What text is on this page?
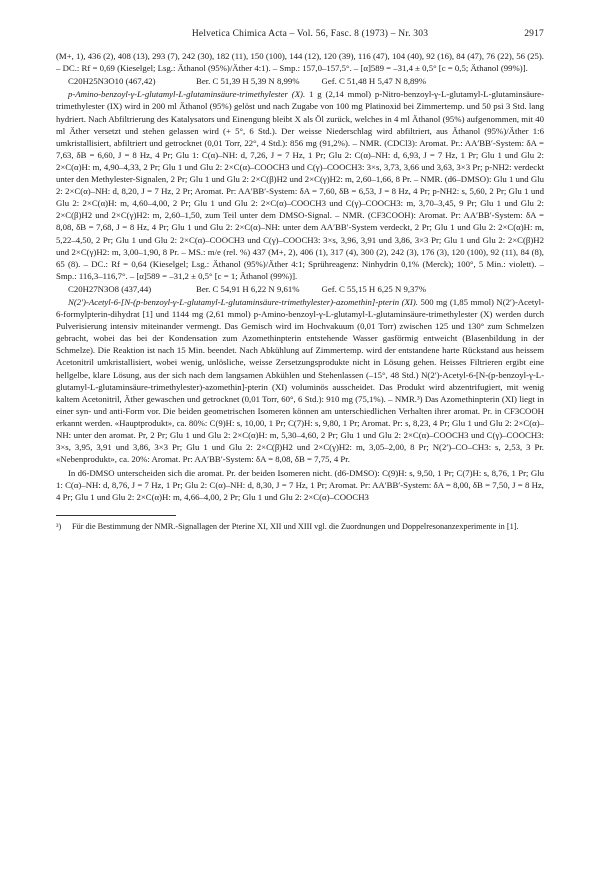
Helvetica Chimica Acta – Vol. 56, Fasc. 8 (1973) – Nr. 303	2917

(M+, 1), 436 (2), 408 (13), 293 (7), 242 (30), 182 (11), 150 (100), 144 (12), 120 (39), 116 (47), 104 (40), 92 (16), 84 (47), 76 (22), 56 (25). – DC.: Rf = 0,69 (Kieselgel; Lsg.: Äthanol (95%)/Äther 4:1). – Smp.: 157,0–157,5°. – [α]589 = –31,4 ± 0,5° [c = 0,5; Äthanol (99%)].

C20H25N3O10 (467,42)	Ber. C 51,39 H 5,39 N 8,99%	Gef. C 51,48 H 5,47 N 8,89%

p-Amino-benzoyl-γ-L-glutamyl-L-glutaminsäure-trimethylester (X). 1 g (2,14 mmol) p-Nitro-benzoyl-γ-L-glutamyl-L-glutaminsäure-trimethylester (IX) wird in 200 ml Äthanol (95%) gelöst und nach Zugabe von 100 mg Platinoxid bei Zimmertemp. und 50 psi 3 Std. lang hydriert. Nach Abfiltrierung des Katalysators und Einengung bleibt X als Öl zurück, welches in 4 ml Äthanol (95%) aufgenommen, mit 40 ml Äther versetzt und stehen gelassen wird (+ 5°, 6 Std.). Der weisse Niederschlag wird abfiltriert, aus Äthanol (95%)/Äther 1:6 umkristallisiert, abfiltriert und getrocknet (0,01 Torr, 22°, 4 Std.): 856 mg (91,2%). – NMR. (CDCl3): Aromat. Pr.: AA′BB′-System: δA = 7,63, δB = 6,60, J = 8 Hz, 4 Pr; Glu 1: C(α)–NH: d, 7,26, J = 7 Hz, 1 Pr; Glu 2: C(α)–NH: d, 6,93, J = 7 Hz, 1 Pr; Glu 1 und Glu 2: 2×C(α)H: m, 4,90–4,33, 2 Pr; Glu 1 und Glu 2: 2×C(α)–COOCH3 und C(γ)–COOCH3: 3×s, 3,73, 3,66 und 3,63, 3×3 Pr; p-NH2: verdeckt unter den Methylester-Signalen, 2 Pr; Glu 1 und Glu 2: 2×C(β)H2 und 2×C(γ)H2: m, 2,60–1,66, 8 Pr. – NMR. (d6–DMSO): Glu 1 und Glu 2: 2×C(α)–NH: d, 8,20, J = 7 Hz, 2 Pr; Aromat. Pr: AA′BB′-System: δA = 7,60, δB = 6,53, J = 8 Hz, 4 Pr; p-NH2: s, 5,60, 2 Pr; Glu 1 und Glu 2: 2×C(α)H: m, 4,60–4,00, 2 Pr; Glu 1 und Glu 2: 2×C(α)–COOCH3 und C(γ)–COOCH3: m, 3,70–3,45, 9 Pr; Glu 1 und Glu 2: 2×C(β)H2 und 2×C(γ)H2: m, 2,60–1,50, zum Teil unter dem DMSO-Signal. – NMR. (CF3COOH): Aromat. Pr: AA′BB′-System: δA = 8,08, δB = 7,68, J = 8 Hz, 4 Pr; Glu 1 und Glu 2: 2×C(α)–NH: unter dem AA′BB′-System verdeckt, 2 Pr; Glu 1 und Glu 2: 2×C(α)H: m, 5,22–4,50, 2 Pr; Glu 1 und Glu 2: 2×C(α)–COOCH3 und C(γ)–COOCH3: 3×s, 3,96, 3,91 und 3,86, 3×3 Pr; Glu 1 und Glu 2: 2×C(β)H2 und 2×C(γ)H2: m, 3,00–1,90, 8 Pr. – MS.: m/e (rel. %) 437 (M+, 2), 406 (1), 317 (4), 300 (2), 242 (3), 176 (3), 120 (100), 92 (11), 84 (8), 65 (8). – DC.: Rf = 0,64 (Kieselgel; Lsg.: Äthanol (95%)/Äther 4:1; Sprühreagenz: Ninhydrin 0,1% (Merck); 100°, 5 Min.: violett). – Smp.: 116,3–116,7°. – [α]589 = –31,2 ± 0,5° [c = 1; Äthanol (99%)].

C20H27N3O8 (437,44)	Ber. C 54,91 H 6,22 N 9,61%	Gef. C 55,15 H 6,25 N 9,37%

N(2′)-Acetyl-6-[N-(p-benzoyl-γ-L-glutamyl-L-glutaminsäure-trimethylester)-azomethin]-pterin (XI). 500 mg (1,85 mmol) N(2′)-Acetyl-6-formylpterin-dihydrat [1] und 1144 mg (2,61 mmol) p-Amino-benzoyl-γ-L-glutamyl-L-glutaminsäure-trimethylester (X) werden durch Pulverisierung intensiv miteinander vermengt. Das Gemisch wird im Hochvakuum (0,01 Torr) zwischen 125 und 130° zum Schmelzen gebracht, wobei das bei der Kondensation zum Azomethinpterin entstehende Wasser gasförmig entweicht (Blasenbildung in der Schmelze). Die Reaktion ist nach 15 Min. beendet. Nach Abkühlung auf Zimmertemp. wird der entstandene harte Rückstand aus heissem Acetonitril umkristallisiert, wobei wenig, unlösliche, weisse Zersetzungsprodukte nicht in Lösung gehen. Heisses Filtrieren ergibt eine hellgelbe, klare Lösung, aus der sich nach dem langsamen Abkühlen und Stehenlassen (–15°, 48 Std.) N(2′)-Acetyl-6-[N-(p-benzoyl-γ-L-glutamyl-L-glutaminsäure-trimethylester)-azomethin]-pterin (XI) voluminös ausscheidet. Das Produkt wird abzentrifugiert, mit wenig kaltem Acetonitril, Äther gewaschen und getrocknet (0,01 Torr, 60°, 6 Std.): 910 mg (75,1%). – NMR.³) Das Azomethinpterin (XI) liegt in einer syn- und anti-Form vor. Die beiden geometrischen Isomeren können am unterschiedlichen Verhalten ihrer aromat. Pr. in CF3COOH erkannt werden. «Hauptprodukt», ca. 80%: C(9)H: s, 10,00, 1 Pr; C(7)H: s, 9,80, 1 Pr; Aromat. Pr: s, 8,23, 4 Pr; Glu 1 und Glu 2: 2×C(α)–NH: unter den aromat. Pr, 2 Pr; Glu 1 und Glu 2: 2×C(α)H: m, 5,30–4,60, 2 Pr; Glu 1 und Glu 2: 2×C(α)–COOCH3 und C(γ)–COOCH3: 3×s, 3,95, 3,91 und 3,86, 3×3 Pr; Glu 1 und Glu 2: 2×C(β)H2 und 2×C(γ)H2: m, 3,05–2,00, 8 Pr; N(2′)–CO–CH3: s, 2,53, 3 Pr. «Nebenprodukt», ca. 20%: Aromat. Pr: AA′BB′-System: δA = 8,08, δB = 7,75, 4 Pr.

In d6-DMSO unterscheiden sich die aromat. Pr. der beiden Isomeren nicht. (d6-DMSO): C(9)H: s, 9,50, 1 Pr; C(7)H: s, 8,76, 1 Pr; Glu 1: C(α)–NH: d, 8,76, J = 7 Hz, 1 Pr; Glu 2: C(α)–NH: d, 8,30, J = 7 Hz, 1 Pr; Aromat. Pr: AA′BB′-System: δA = 8,00, δB = 7,50, J = 8 Hz, 4 Pr; Glu 1 und Glu 2: 2×C(α)H: m, 4,66–4,00, 2 Pr; Glu 1 und Glu 2: 2×C(α)–COOCH3

³)	Für die Bestimmung der NMR.-Signallagen der Pterine XI, XII und XIII vgl. die Zuordnungen und Doppelresonanzexperimente in [1].
